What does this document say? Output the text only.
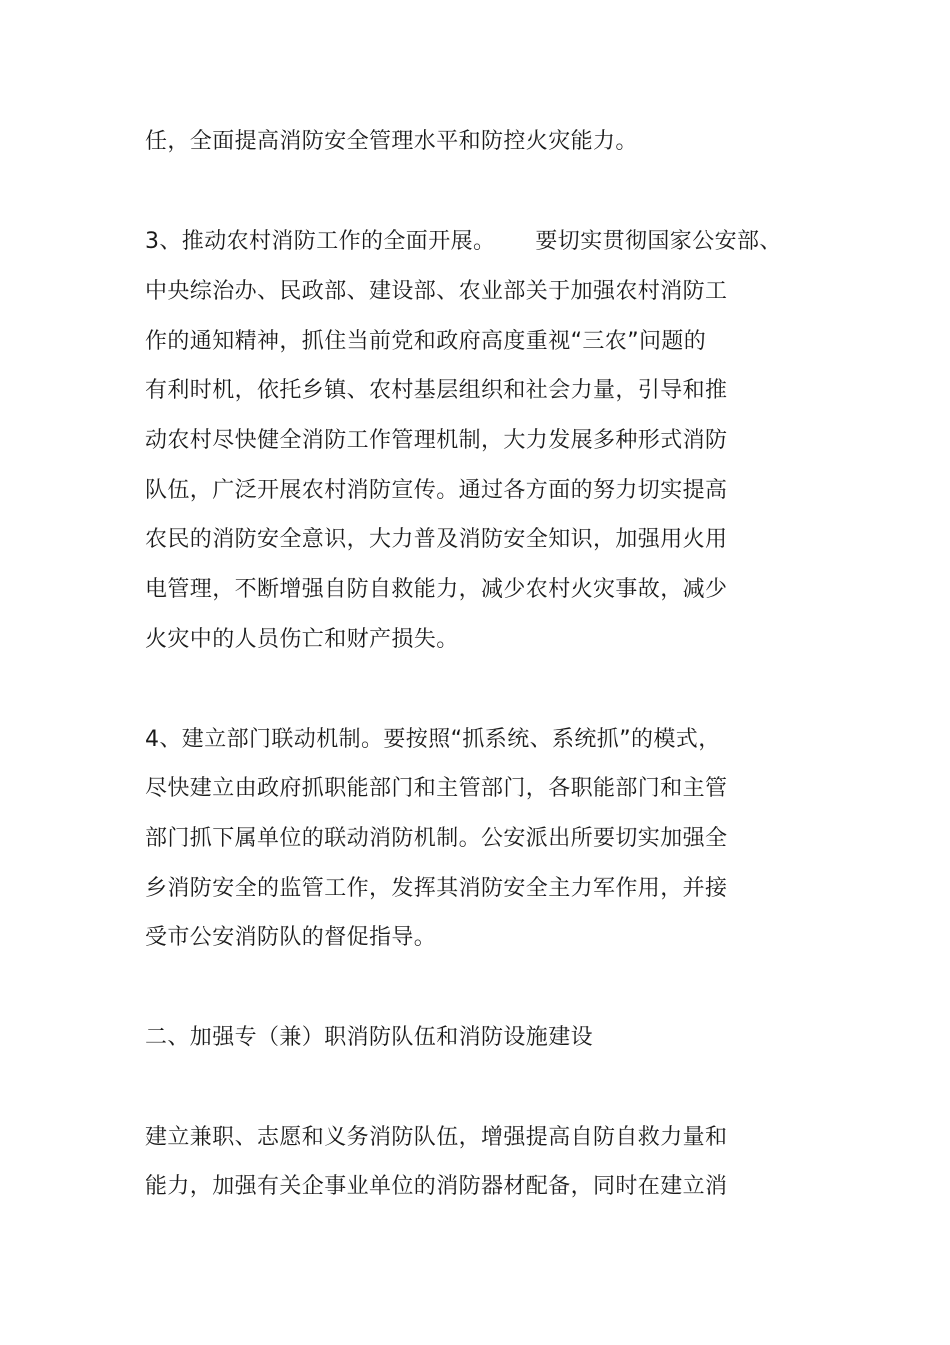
任，全面提高消防安全管理水平和防控火灾能力。
3、推动农村消防工作的全面开展。 要切实贯彻国家公安部、
中央综治办、民政部、建设部、农业部关于加强农村消防工
作的通知精神，抓住当前党和政府高度重视“三农”问题的
有利时机，依托乡镇、农村基层组织和社会力量，引导和推
动农村尽快健全消防工作管理机制，大力发展多种形式消防
队伍，广泛开展农村消防宣传。通过各方面的努力切实提高
农民的消防安全意识，大力普及消防安全知识，加强用火用
电管理，不断增强自防自救能力，减少农村火灾事故，减少
火灾中的人员伤亡和财产损失。
4、建立部门联动机制。要按照“抓系统、系统抓”的模式，
尽快建立由政府抓职能部门和主管部门，各职能部门和主管
部门抓下属单位的联动消防机制。公安派出所要切实加强全
乡消防安全的监管工作，发挥其消防安全主力军作用，并接
受市公安消防队的督促指导。
二、加强专（兼）职消防队伍和消防设施建设
建立兼职、志愿和义务消防队伍，增强提高自防自救力量和
能力，加强有关企事业单位的消防器材配备，同时在建立消
